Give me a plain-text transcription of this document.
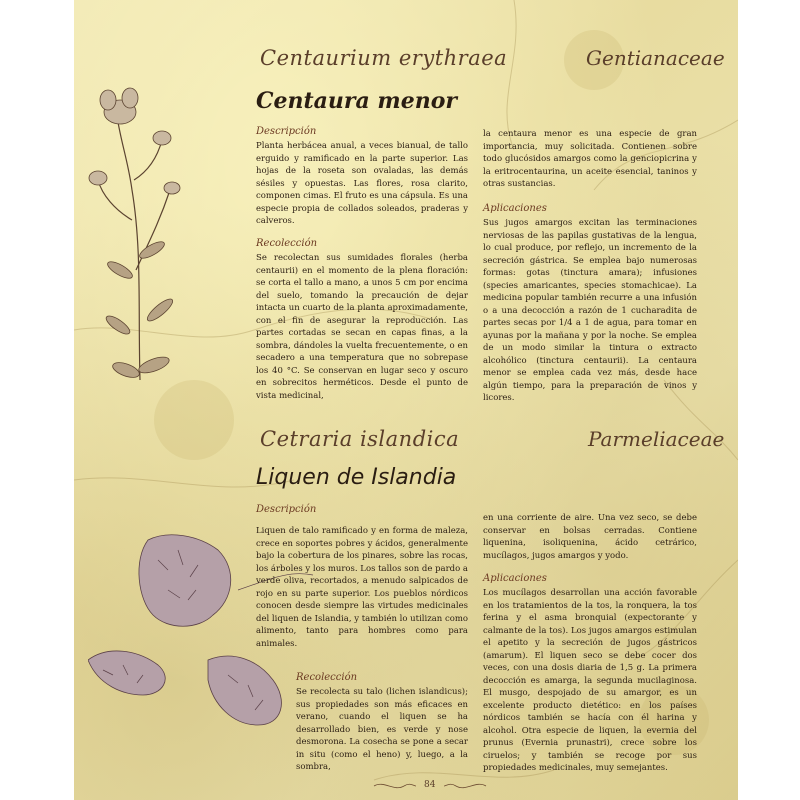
Centaurium erythraea	Gentianaceae
Centaura menor
Descripción
Planta herbácea anual, a veces bianual, de tallo erguido y ramificado en la parte superior. Las hojas de la roseta son ovaladas, las demás sésiles y opuestas. Las flores, rosa clarito, componen cimas. El fruto es una cápsula. Es una especie propia de collados soleados, praderas y calveros.
Recolección
Se recolectan sus sumidades florales (herba centaurii) en el momento de la plena floración: se corta el tallo a mano, a unos 5 cm por encima del suelo, tomando la precaución de dejar intacta un cuarto de la planta aproximadamente, con el fin de asegurar la reproducción. Las partes cortadas se secan en capas finas, a la sombra, dándoles la vuelta frecuentemente, o en secadero a una temperatura que no sobrepase los 40 °C. Se conservan en lugar seco y oscuro en sobrecitos herméticos. Desde el punto de vista medicinal,
la centaura menor es una especie de gran importancia, muy solicitada. Contienen sobre todo glucósidos amargos como la genciopicrina y la eritrocentaurina, un aceite esencial, taninos y otras sustancias.
Aplicaciones
Sus jugos amargos excitan las terminaciones nerviosas de las papilas gustativas de la lengua, lo cual produce, por reflejo, un incremento de la secreción gástrica. Se emplea bajo numerosas formas: gotas (tinctura amara); infusiones (species amaricantes, species stomachicae). La medicina popular también recurre a una infusión o a una decocción a razón de 1 cucharadita de partes secas por 1/4 a 1 de agua, para tomar en ayunas por la mañana y por la noche. Se emplea de un modo similar la tintura o extracto alcohólico (tinctura centaurii). La centaura menor se emplea cada vez más, desde hace algún tiempo, para la preparación de vinos y licores.
Cetraria islandica	Parmeliaceae
Liquen de Islandia
Descripción
Liquen de talo ramificado y en forma de maleza, crece en soportes pobres y ácidos, generalmente bajo la cobertura de los pinares, sobre las rocas, los árboles y los muros. Los tallos son de pardo a verde oliva, recortados, a menudo salpicados de rojo en su parte superior. Los pueblos nórdicos conocen desde siempre las virtudes medicinales del liquen de Islandia, y también lo utilizan como alimento, tanto para hombres como para animales.
Recolección
Se recolecta su talo (lichen islandicus); sus propiedades son más eficaces en verano, cuando el liquen se ha desarrollado bien, es verde y nose desmorona. La cosecha se pone a secar in situ (como el heno) y, luego, a la sombra,
en una corriente de aire. Una vez seco, se debe conservar en bolsas cerradas. Contiene liquenina, isoliquenina, ácido cetrárico, mucílagos, jugos amargos y yodo.
Aplicaciones
Los mucílagos desarrollan una acción favorable en los tratamientos de la tos, la ronquera, la tos ferina y el asma bronquial (expectorante y calmante de la tos). Los jugos amargos estimulan el apetito y la secreción de jugos gástricos (amarum). El liquen seco se debe cocer dos veces, con una dosis diaria de 1,5 g. La primera decocción es amarga, la segunda mucilaginosa. El musgo, despojado de su amargor, es un excelente producto dietético: en los países nórdicos también se hacía con él harina y alcohol. Otra especie de liquen, la evernia del prunus (Evernia prunastri), crece sobre los ciruelos; y también se recoge por sus propiedades medicinales, muy semejantes.
84
